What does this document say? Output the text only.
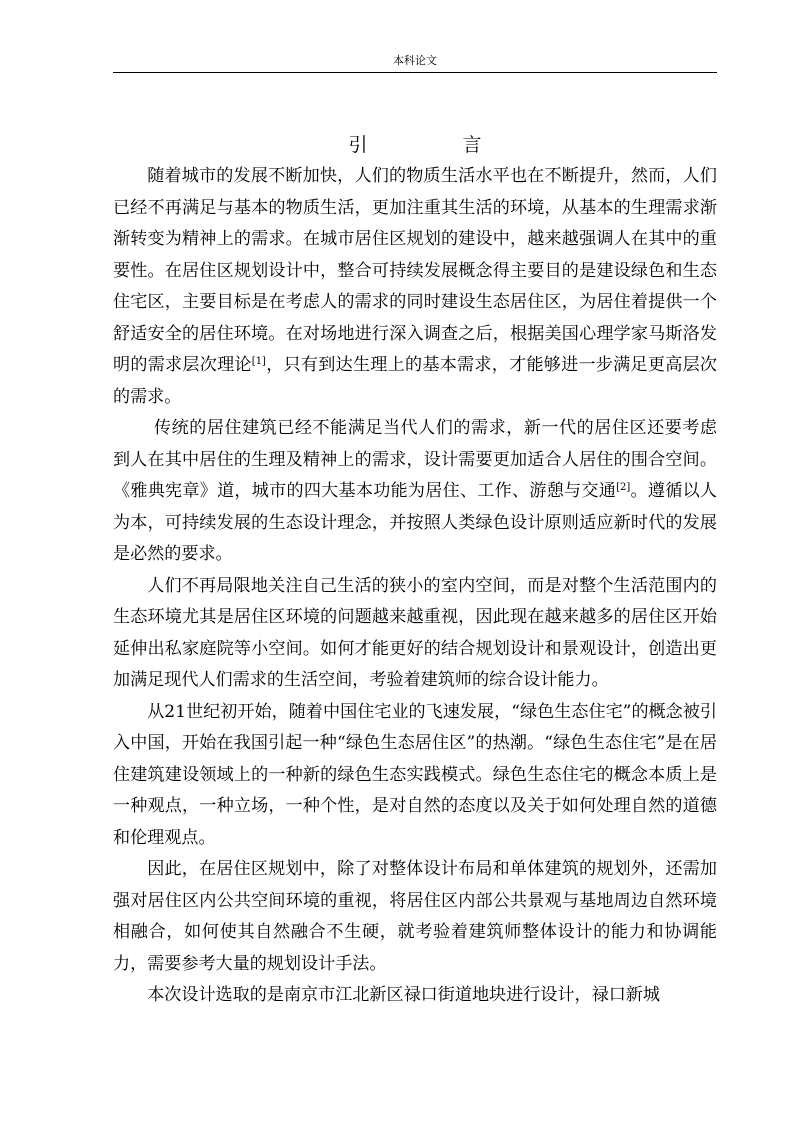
本科论文
引　言

随着城市的发展不断加快，人们的物质生活水平也在不断提升，然而，人们已经不再满足与基本的物质生活，更加注重其生活的环境，从基本的生理需求渐渐转变为精神上的需求。在城市居住区规划的建设中，越来越强调人在其中的重要性。在居住区规划设计中，整合可持续发展概念得主要目的是建设绿色和生态住宅区，主要目标是在考虑人的需求的同时建设生态居住区，为居住着提供一个舒适安全的居住环境。在对场地进行深入调查之后，根据美国心理学家马斯洛发明的需求层次理论[1]，只有到达生理上的基本需求，才能够进一步满足更高层次的需求。

传统的居住建筑已经不能满足当代人们的需求，新一代的居住区还要考虑到人在其中居住的生理及精神上的需求，设计需要更加适合人居住的围合空间。《雅典宪章》道，城市的四大基本功能为居住、工作、游憩与交通[2]。遵循以人为本，可持续发展的生态设计理念，并按照人类绿色设计原则适应新时代的发展是必然的要求。

人们不再局限地关注自己生活的狭小的室内空间，而是对整个生活范围内的生态环境尤其是居住区环境的问题越来越重视，因此现在越来越多的居住区开始延伸出私家庭院等小空间。如何才能更好的结合规划设计和景观设计，创造出更加满足现代人们需求的生活空间，考验着建筑师的综合设计能力。

从21世纪初开始，随着中国住宅业的飞速发展，“绿色生态住宅”的概念被引入中国，开始在我国引起一种“绿色生态居住区”的热潮。“绿色生态住宅”是在居住建筑建设领域上的一种新的绿色生态实践模式。绿色生态住宅的概念本质上是一种观点，一种立场，一种个性，是对自然的态度以及关于如何处理自然的道德和伦理观点。

因此，在居住区规划中，除了对整体设计布局和单体建筑的规划外，还需加强对居住区内公共空间环境的重视，将居住区内部公共景观与基地周边自然环境相融合，如何使其自然融合不生硬，就考验着建筑师整体设计的能力和协调能力，需要参考大量的规划设计手法。

本次设计选取的是南京市江北新区禄口街道地块进行设计，禄口新城
